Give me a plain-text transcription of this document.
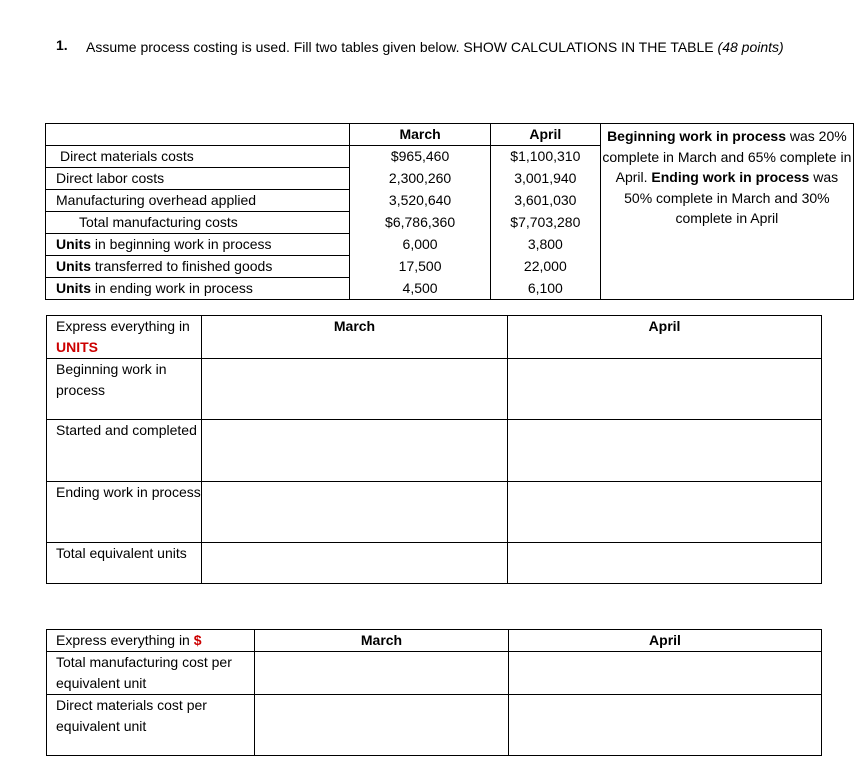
1. Assume process costing is used. Fill two tables given below. SHOW CALCULATIONS IN THE TABLE (48 points)
	March	April	Beginning work in process was 20% complete in March and 65% complete in April. Ending work in process was 50% complete in March and 30% complete in April
Direct materials costs	$965,460	$1,100,310	
Direct labor costs	2,300,260	3,001,940	
Manufacturing overhead applied	3,520,640	3,601,030	
Total manufacturing costs	$6,786,360	$7,703,280	
Units in beginning work in process	6,000	3,800	
Units transferred to finished goods	17,500	22,000	
Units in ending work in process	4,500	6,100	
Express everything in UNITS	March	April
Beginning work in process		
Started and completed		
Ending work in process		
Total equivalent units		
Express everything in $	March	April
Total manufacturing cost per equivalent unit		
Direct materials cost per equivalent unit		
